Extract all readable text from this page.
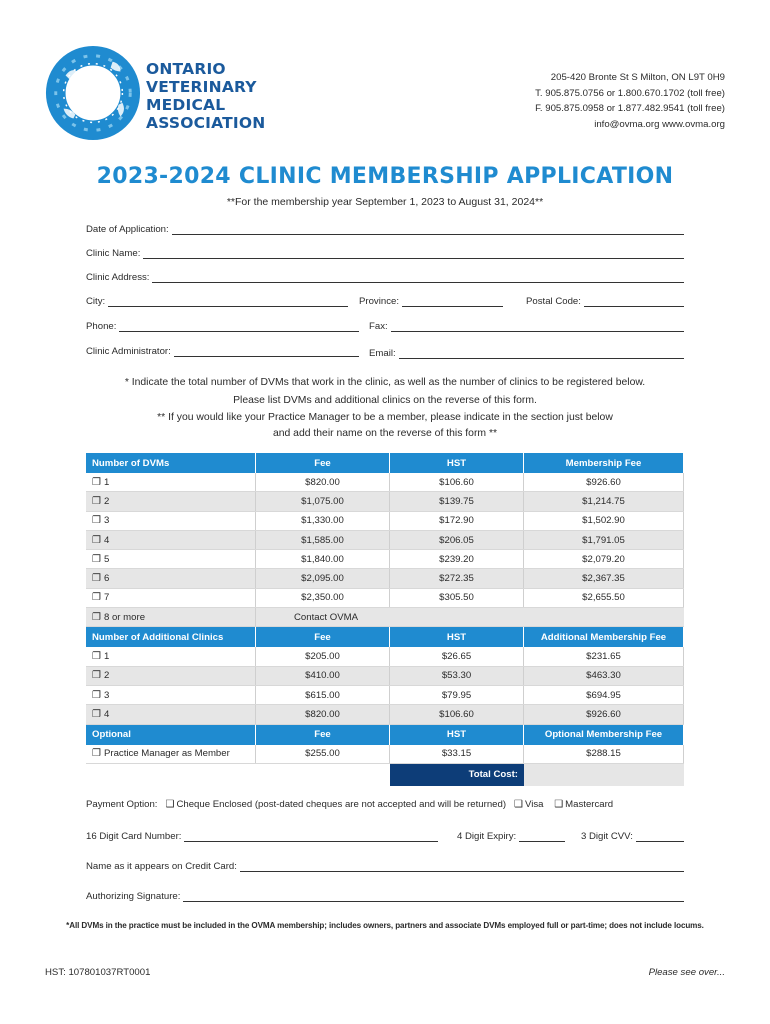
ONTARIO
VETERINARY
MEDICAL
ASSOCIATION
205-420 Bronte St S Milton, ON L9T 0H9
T. 905.875.0756 or 1.800.670.1702 (toll free)
F. 905.875.0958 or 1.877.482.9541 (toll free)
info@ovma.org www.ovma.org
2023-2024 CLINIC MEMBERSHIP APPLICATION
**For the membership year September 1, 2023 to August 31, 2024**
Date of Application:
Clinic Name:
Clinic Address:
City:	Province:	Postal Code:
Phone:	Fax:
Clinic Administrator:	Email:
* Indicate the total number of DVMs that work in the clinic, as well as the number of clinics to be registered below.
Please list DVMs and additional clinics on the reverse of this form.
** If you would like your Practice Manager to be a member, please indicate in the section just below
and add their name on the reverse of this form **
Number of DVMs	Fee	HST	Membership Fee
❐ 1	$820.00	$106.60	$926.60
❐ 2	$1,075.00	$139.75	$1,214.75
❐ 3	$1,330.00	$172.90	$1,502.90
❐ 4	$1,585.00	$206.05	$1,791.05
❐ 5	$1,840.00	$239.20	$2,079.20
❐ 6	$2,095.00	$272.35	$2,367.35
❐ 7	$2,350.00	$305.50	$2,655.50
❐ 8 or more	Contact OVMA
Number of Additional Clinics	Fee	HST	Additional Membership Fee
❐ 1	$205.00	$26.65	$231.65
❐ 2	$410.00	$53.30	$463.30
❐ 3	$615.00	$79.95	$694.95
❐ 4	$820.00	$106.60	$926.60
Optional	Fee	HST	Optional Membership Fee
❐ Practice Manager as Member	$255.00	$33.15	$288.15
Total Cost:
Payment Option: ❑ Cheque Enclosed (post-dated cheques are not accepted and will be returned) ❑ Visa ❑ Mastercard
16 Digit Card Number:	4 Digit Expiry:	3 Digit CVV:
Name as it appears on Credit Card:
Authorizing Signature:
*All DVMs in the practice must be included in the OVMA membership; includes owners, partners and associate DVMs employed full or part-time; does not include locums.
HST: 107801037RT0001	Please see over...
